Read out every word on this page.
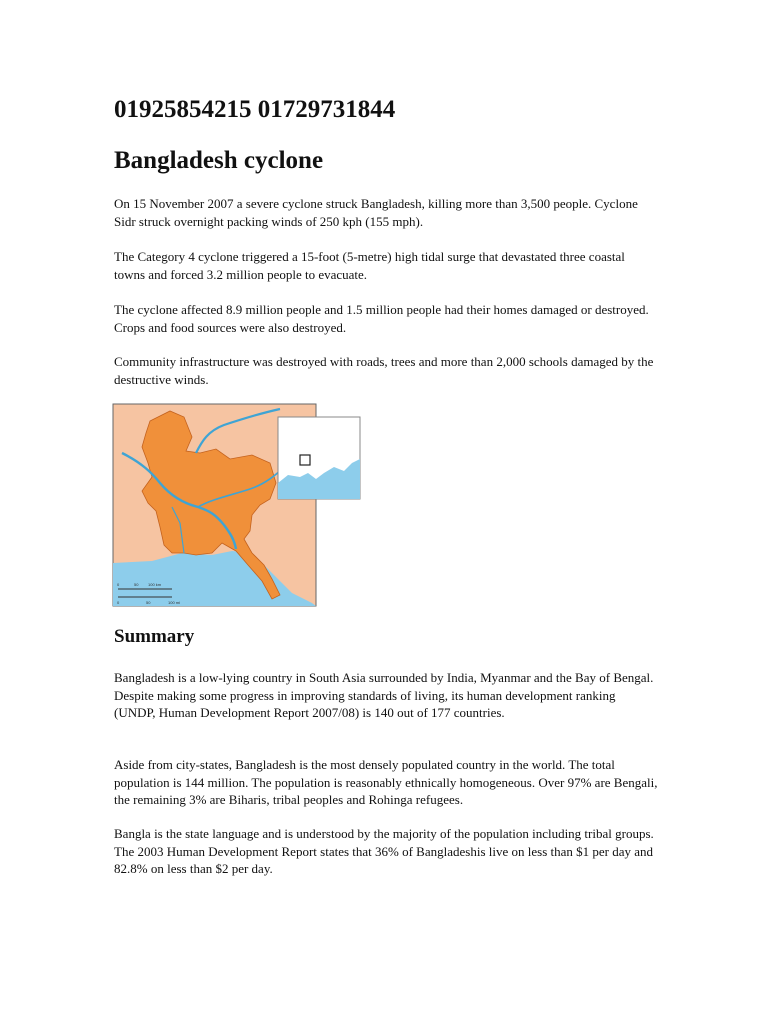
01925854215 01729731844
Bangladesh cyclone

On 15 November 2007 a severe cyclone struck Bangladesh, killing more than 3,500 people. Cyclone Sidr struck overnight packing winds of 250 kph (155 mph).

The Category 4 cyclone triggered a 15-foot (5-metre) high tidal surge that devastated three coastal towns and forced 3.2 million people to evacuate.

The cyclone affected 8.9 million people and 1.5 million people had their homes damaged or destroyed. Crops and food sources were also destroyed.

Community infrastructure was destroyed with roads, trees and more than 2,000 schools damaged by the destructive winds.

Summary

Bangladesh is a low-lying country in South Asia surrounded by India, Myanmar and the Bay of Bengal. Despite making some progress in improving standards of living, its human development ranking (UNDP, Human Development Report 2007/08) is 140 out of 177 countries.

Aside from city-states, Bangladesh is the most densely populated country in the world. The total population is 144 million. The population is reasonably ethnically homogeneous. Over 97% are Bengali, the remaining 3% are Biharis, tribal peoples and Rohinga refugees.

Bangla is the state language and is understood by the majority of the population including tribal groups. The 2003 Human Development Report states that 36% of Bangladeshis live on less than $1 per day and 82.8% on less than $2 per day.

0	50 100 km
0	50	100 mi
